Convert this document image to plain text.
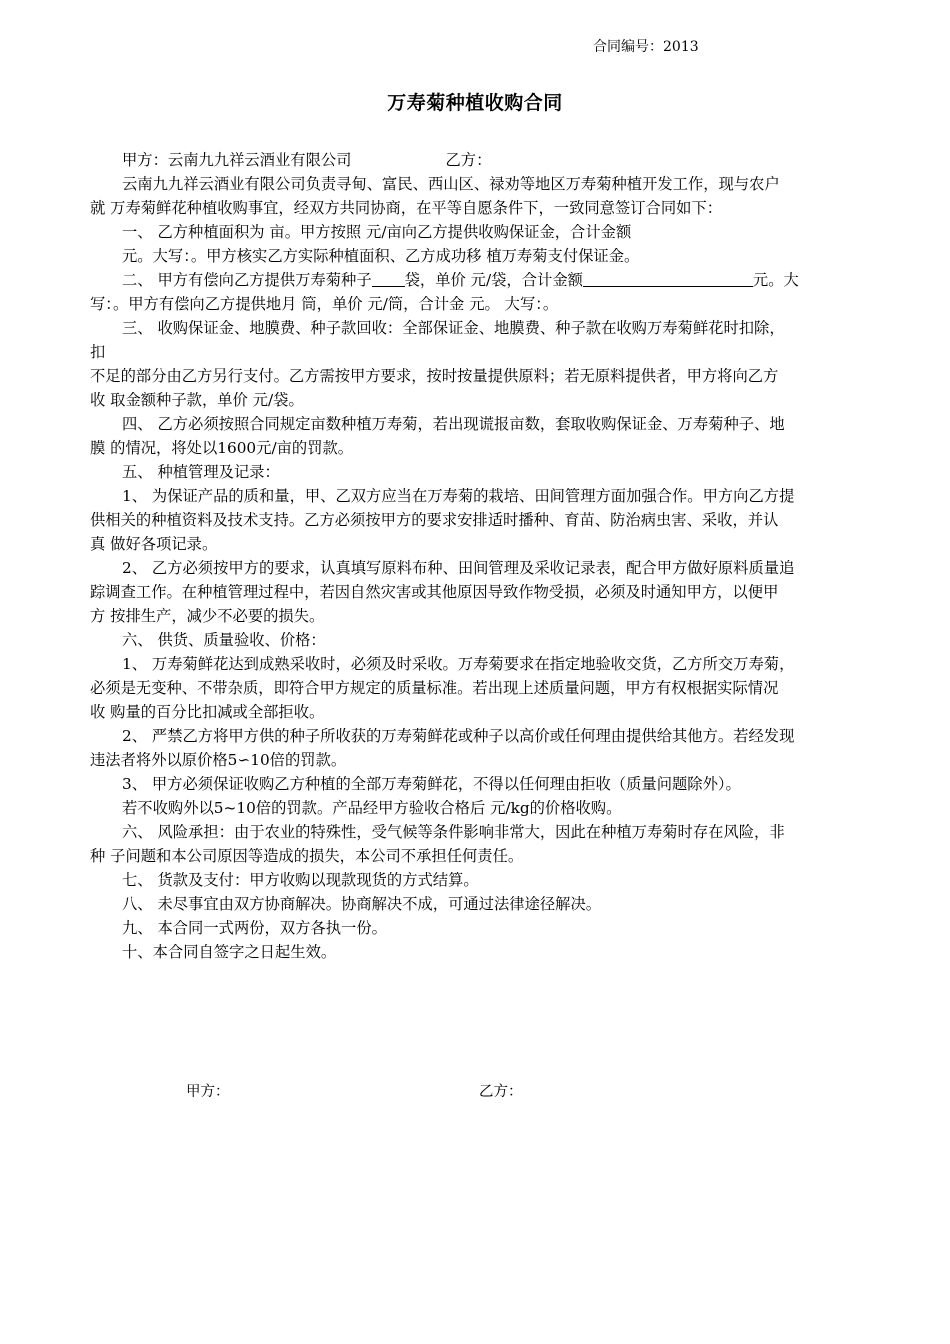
合同编号：2013
万寿菊种植收购合同
甲方：云南九九祥云酒业有限公司	乙方：
云南九九祥云酒业有限公司负责寻甸、富民、西山区、禄劝等地区万寿菊种植开发工作，现与农户
就 万寿菊鲜花种植收购事宜，经双方共同协商，在平等自愿条件下，一致同意签订合同如下：
一、 乙方种植面积为 亩。甲方按照 元/亩向乙方提供收购保证金，合计金额
元。大写：。甲方核实乙方实际种植面积、乙方成功移 植万寿菊支付保证金。
二、 甲方有偿向乙方提供万寿菊种子 袋，单价 元/袋，合计金额	元。大
写：。甲方有偿向乙方提供地月 筒，单价 元/筒，合计金 元。 大写：。
三、 收购保证金、地膜费、种子款回收：全部保证金、地膜费、种子款在收购万寿菊鲜花时扣除，
扣
不足的部分由乙方另行支付。乙方需按甲方要求，按时按量提供原料；若无原料提供者，甲方将向乙方
收 取金额种子款，单价 元/袋。
四、 乙方必须按照合同规定亩数种植万寿菊，若出现谎报亩数，套取收购保证金、万寿菊种子、地
膜 的情况，将处以1600元/亩的罚款。
五、 种植管理及记录：
1、 为保证产品的质和量，甲、乙双方应当在万寿菊的栽培、田间管理方面加强合作。甲方向乙方提
供相关的种植资料及技术支持。乙方必须按甲方的要求安排适时播种、育苗、防治病虫害、采收，并认
真 做好各项记录。
2、 乙方必须按甲方的要求，认真填写原料布种、田间管理及采收记录表，配合甲方做好原料质量追
踪调查工作。在种植管理过程中，若因自然灾害或其他原因导致作物受损，必须及时通知甲方，以便甲
方 按排生产，减少不必要的损失。
六、 供货、质量验收、价格：
1、 万寿菊鲜花达到成熟采收时，必须及时采收。万寿菊要求在指定地验收交货，乙方所交万寿菊，
必须是无变种、不带杂质，即符合甲方规定的质量标准。若出现上述质量问题，甲方有权根据实际情况
收 购量的百分比扣减或全部拒收。
2、 严禁乙方将甲方供的种子所收获的万寿菊鲜花或种子以高价或任何理由提供给其他方。若经发现
违法者将外以原价格5∽10倍的罚款。
3、 甲方必须保证收购乙方种植的全部万寿菊鲜花，不得以任何理由拒收（质量问题除外）。
若不收购外以5~10倍的罚款。产品经甲方验收合格后 元/kg的价格收购。
六、 风险承担：由于农业的特殊性，受气候等条件影响非常大，因此在种植万寿菊时存在风险，非
种 子问题和本公司原因等造成的损失，本公司不承担任何责任。
七、 货款及支付：甲方收购以现款现货的方式结算。
八、 未尽事宜由双方协商解决。协商解决不成，可通过法律途径解决。
九、 本合同一式两份，双方各执一份。
十、本合同自签字之日起生效。
甲方：	乙方：
